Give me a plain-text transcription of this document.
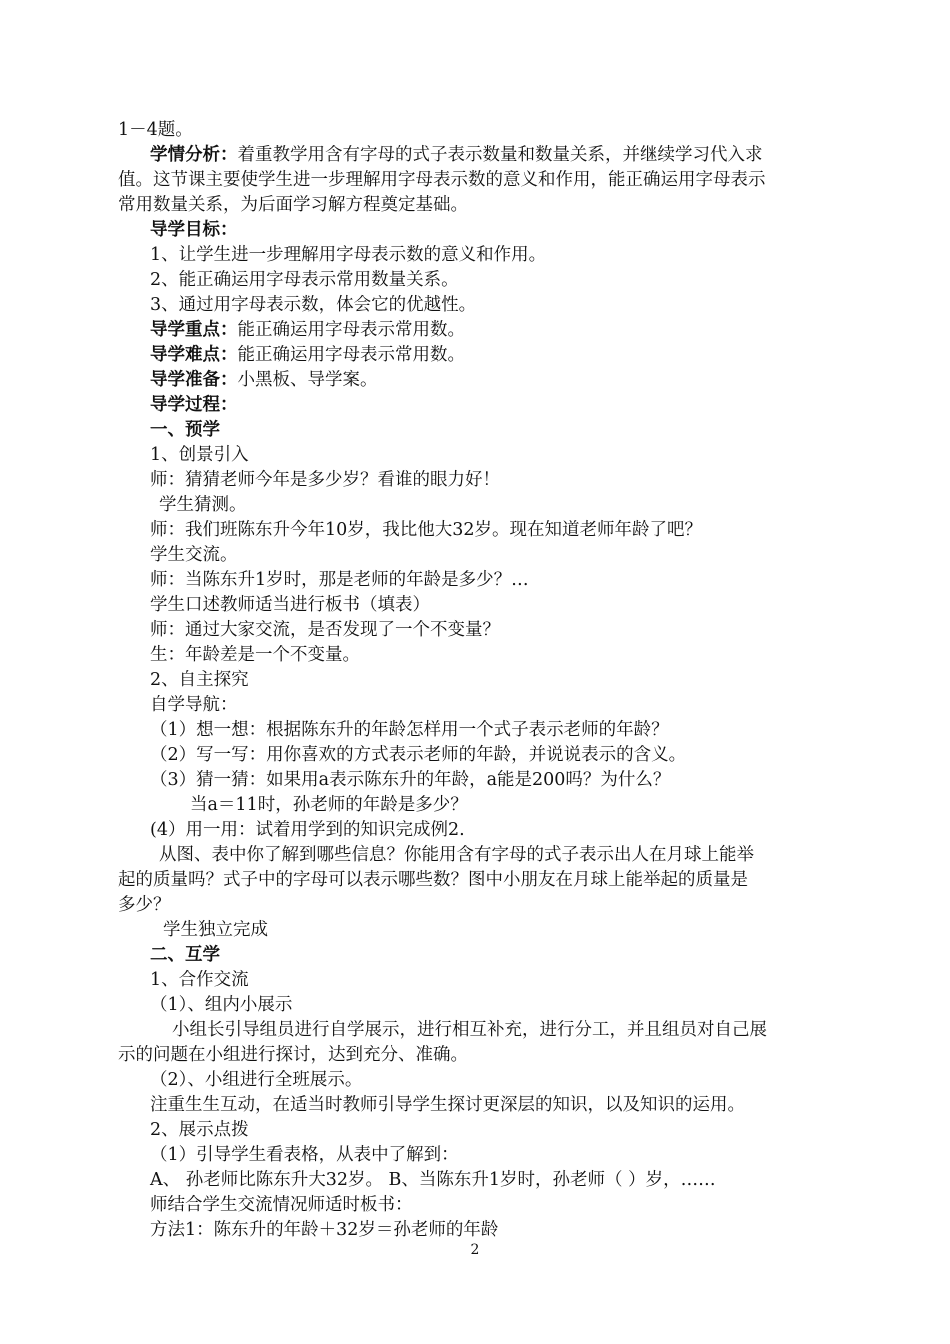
1－4题。
学情分析：着重教学用含有字母的式子表示数量和数量关系，并继续学习代入求
值。这节课主要使学生进一步理解用字母表示数的意义和作用，能正确运用字母表示
常用数量关系，为后面学习解方程奠定基础。
导学目标：
1、让学生进一步理解用字母表示数的意义和作用。
2、能正确运用字母表示常用数量关系。
3、通过用字母表示数，体会它的优越性。
导学重点：能正确运用字母表示常用数。
导学难点：能正确运用字母表示常用数。
导学准备：小黑板、导学案。
导学过程：
一、预学
1、创景引入
师：猜猜老师今年是多少岁？看谁的眼力好！
学生猜测。
师：我们班陈东升今年10岁，我比他大32岁。现在知道老师年龄了吧？
学生交流。
师：当陈东升1岁时，那是老师的年龄是多少？…
学生口述教师适当进行板书（填表）
师：通过大家交流，是否发现了一个不变量？
生：年龄差是一个不变量。
2、自主探究
自学导航：
（1）想一想：根据陈东升的年龄怎样用一个式子表示老师的年龄？
（2）写一写：用你喜欢的方式表示老师的年龄，并说说表示的含义。
（3）猜一猜：如果用a表示陈东升的年龄，a能是200吗？为什么？
当a＝11时，孙老师的年龄是多少？
(4）用一用：试着用学到的知识完成例2.
从图、表中你了解到哪些信息？你能用含有字母的式子表示出人在月球上能举
起的质量吗？式子中的字母可以表示哪些数？图中小朋友在月球上能举起的质量是
多少？
学生独立完成
二、互学
1、合作交流
（1）、组内小展示
小组长引导组员进行自学展示，进行相互补充，进行分工，并且组员对自己展
示的问题在小组进行探讨，达到充分、准确。
（2）、小组进行全班展示。
注重生生互动，在适当时教师引导学生探讨更深层的知识，以及知识的运用。
2、展示点拨
（1）引导学生看表格，从表中了解到：
A、 孙老师比陈东升大32岁。 B、当陈东升1岁时，孙老师（ ）岁，……
师结合学生交流情况师适时板书：
方法1：陈东升的年龄＋32岁＝孙老师的年龄
2
